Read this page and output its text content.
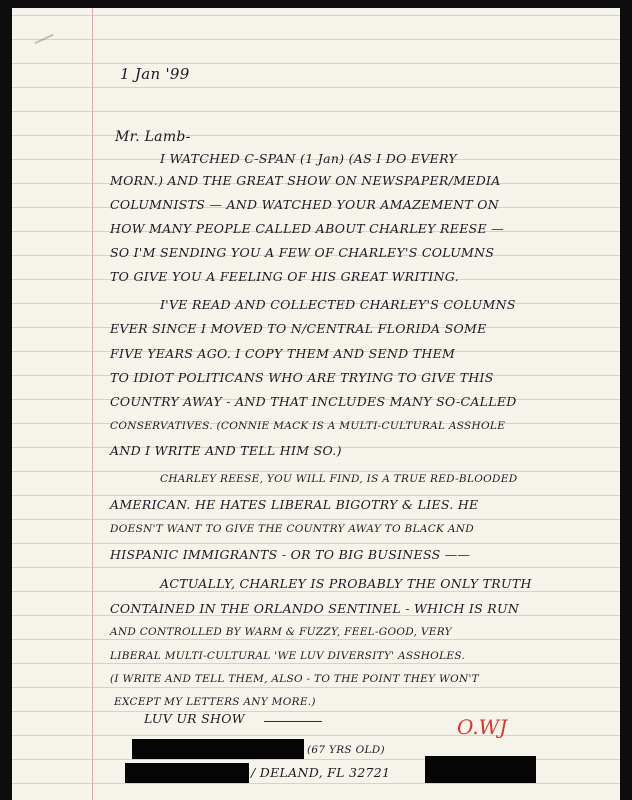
1 Jan '99
Mr. Lamb-
I WATCHED C-SPAN (1 Jan) (AS I DO EVERY
MORN.) AND THE GREAT SHOW ON NEWSPAPER/MEDIA
COLUMNISTS — AND WATCHED YOUR AMAZEMENT ON
HOW MANY PEOPLE CALLED ABOUT CHARLEY REESE —
SO I'M SENDING YOU A FEW OF CHARLEY'S COLUMNS
TO GIVE YOU A FEELING OF HIS GREAT WRITING.
I'VE READ AND COLLECTED CHARLEY'S COLUMNS
EVER SINCE I MOVED TO N/CENTRAL FLORIDA SOME
FIVE YEARS AGO. I COPY THEM AND SEND THEM
TO IDIOT POLITICANS WHO ARE TRYING TO GIVE THIS
COUNTRY AWAY - AND THAT INCLUDES MANY SO-CALLED
CONSERVATIVES. (CONNIE MACK IS A MULTI-CULTURAL ASSHOLE
AND I WRITE AND TELL HIM SO.)
CHARLEY REESE, YOU WILL FIND, IS A TRUE RED-BLOODED
AMERICAN. HE HATES LIBERAL BIGOTRY & LIES. HE
DOESN'T WANT TO GIVE THE COUNTRY AWAY TO BLACK AND
HISPANIC IMMIGRANTS - OR TO BIG BUSINESS ——
ACTUALLY, CHARLEY IS PROBABLY THE ONLY TRUTH
CONTAINED IN THE ORLANDO SENTINEL - WHICH IS RUN
AND CONTROLLED BY WARM & FUZZY, FEEL-GOOD, VERY
LIBERAL MULTI-CULTURAL 'WE LUV DIVERSITY' ASSHOLES.
(I WRITE AND TELL THEM, ALSO - TO THE POINT THEY WON'T
EXCEPT MY LETTERS ANY MORE.)
LUV UR SHOW	O.WJ
(67 YRS OLD)
/ DELAND, FL 32721
